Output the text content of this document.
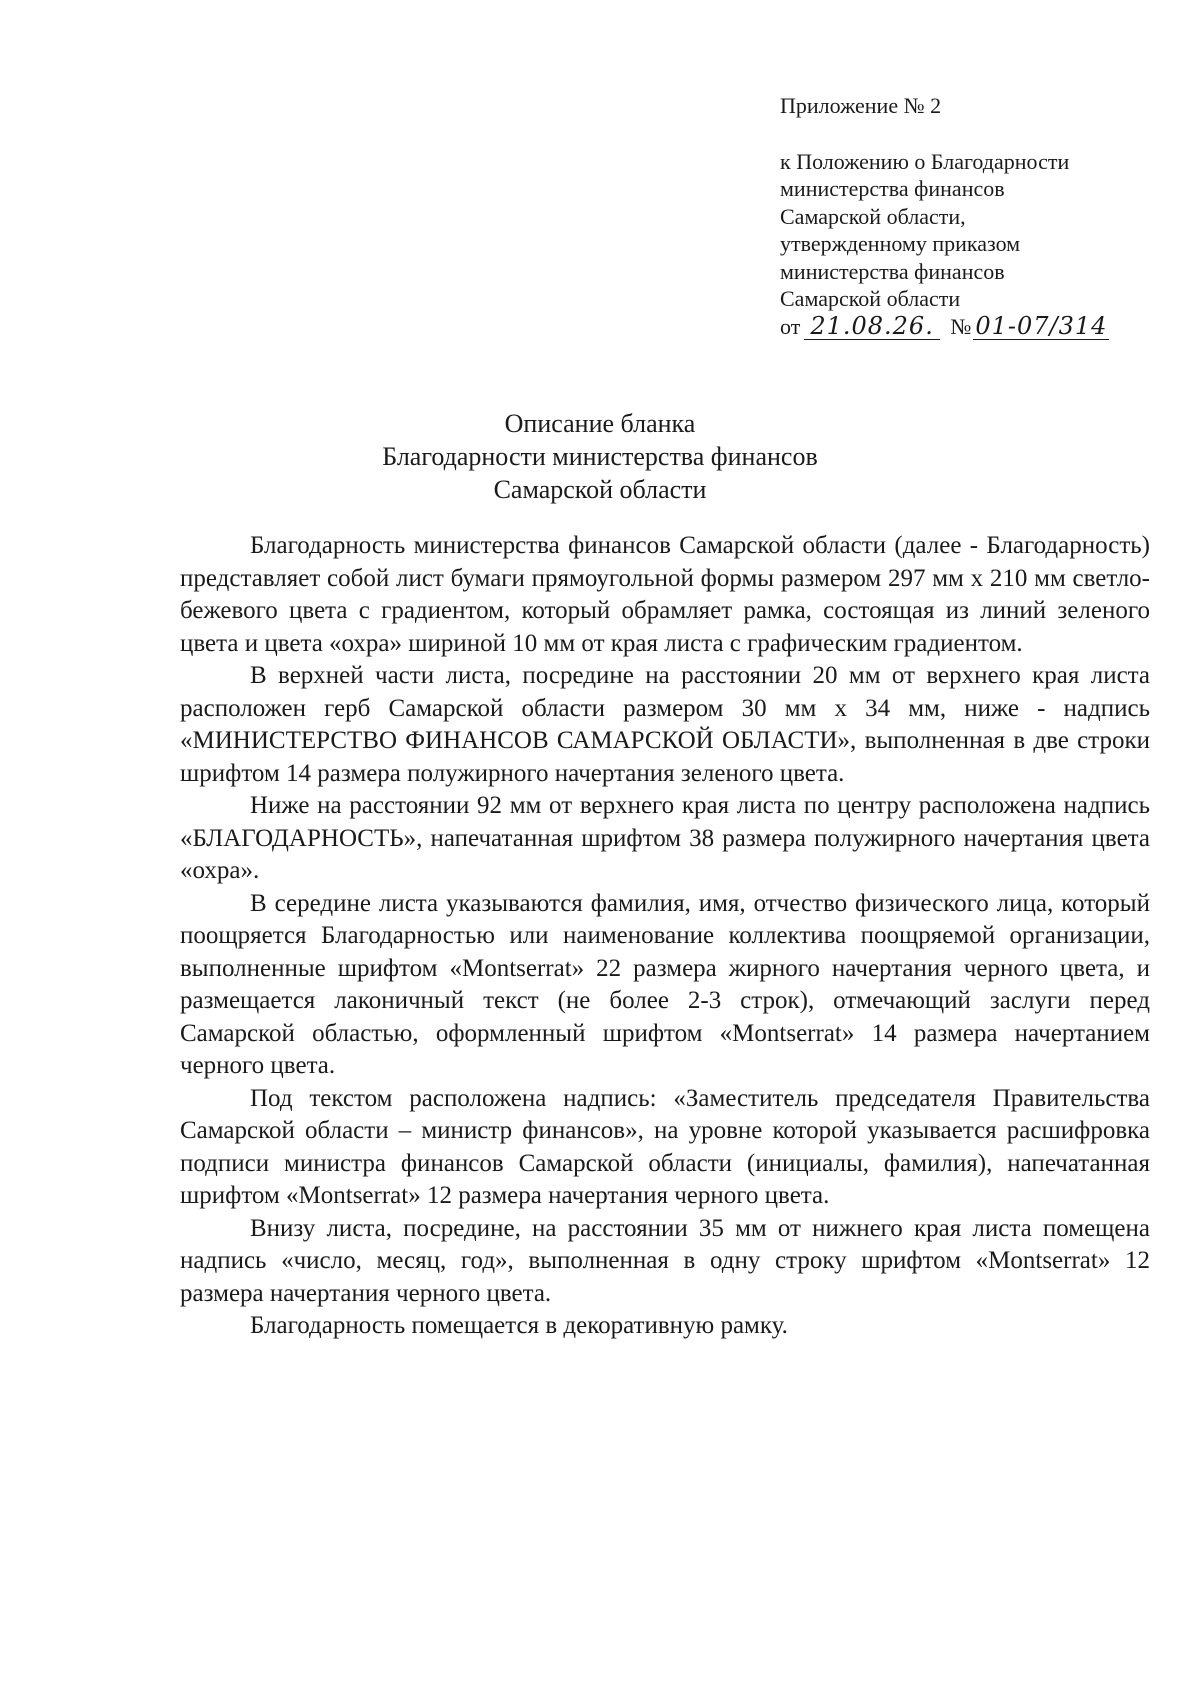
Приложение № 2

к Положению о Благодарности

министерства финансов

Самарской области,

утвержденному приказом

министерства финансов

Самарской области

от 21.08.26. № 01-07/314

Описание бланка
Благодарности министерства финансов
Самарской области

Благодарность министерства финансов Самарской области (далее - Благодарность) представляет собой лист бумаги прямоугольной формы размером 297 мм х 210 мм светло-бежевого цвета с градиентом, который обрамляет рамка, состоящая из линий зеленого цвета и цвета «охра» шириной 10 мм от края листа с графическим градиентом.

В верхней части листа, посредине на расстоянии 20 мм от верхнего края листа расположен герб Самарской области размером 30 мм х 34 мм, ниже - надпись «МИНИСТЕРСТВО ФИНАНСОВ САМАРСКОЙ ОБЛАСТИ», выполненная в две строки шрифтом 14 размера полужирного начертания зеленого цвета.

Ниже на расстоянии 92 мм от верхнего края листа по центру расположена надпись «БЛАГОДАРНОСТЬ», напечатанная шрифтом 38 размера полужирного начертания цвета «охра».

В середине листа указываются фамилия, имя, отчество физического лица, который поощряется Благодарностью или наименование коллектива поощряемой организации, выполненные шрифтом «Montserrat» 22 размера жирного начертания черного цвета, и размещается лаконичный текст (не более 2-3 строк), отмечающий заслуги перед Самарской областью, оформленный шрифтом «Montserrat» 14 размера начертанием черного цвета.

Под текстом расположена надпись: «Заместитель председателя Правительства Самарской области – министр финансов», на уровне которой указывается расшифровка подписи министра финансов Самарской области (инициалы, фамилия), напечатанная шрифтом «Montserrat» 12 размера начертания черного цвета.

Внизу листа, посредине, на расстоянии 35 мм от нижнего края листа помещена надпись «число, месяц, год», выполненная в одну строку шрифтом «Montserrat» 12 размера начертания черного цвета.

Благодарность помещается в декоративную рамку.
